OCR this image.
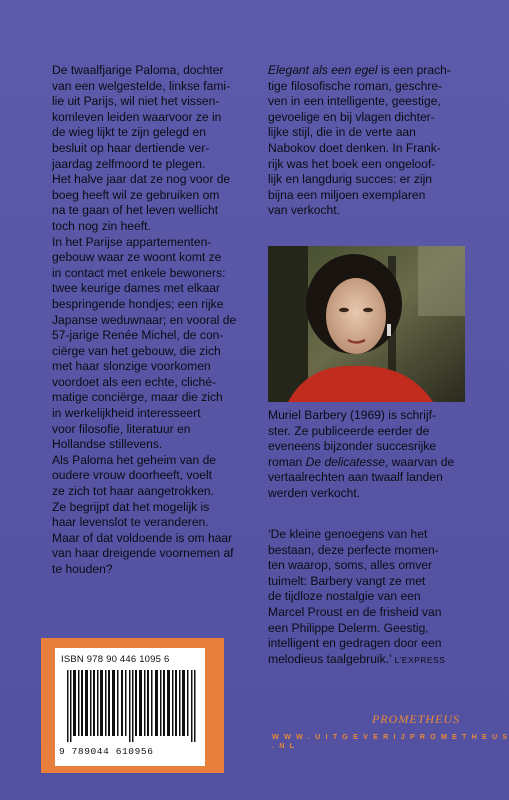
De twaalfjarige Paloma, dochter
van een welgestelde, linkse fami-
lie uit Parijs, wil niet het vissen-
komleven leiden waarvoor ze in
de wieg lijkt te zijn gelegd en
besluit op haar dertiende ver-
jaardag zelfmoord te plegen.

Het halve jaar dat ze nog voor de
boeg heeft wil ze gebruiken om
na te gaan of het leven wellicht
toch nog zin heeft.

In het Parijse appartementen-
gebouw waar ze woont komt ze
in contact met enkele bewoners:
twee keurige dames met elkaar
bespringende hondjes; een rijke
Japanse weduwnaar; en vooral de
57-jarige Renée Michel, de con-
ciërge van het gebouw, die zich
met haar slonzige voorkomen
voordoet als een echte, cliché-
matige conciërge, maar die zich
in werkelijkheid interesseert
voor filosofie, literatuur en
Hollandse stillevens.

Als Paloma het geheim van de
oudere vrouw doorheeft, voelt
ze zich tot haar aangetrokken.

Ze begrijpt dat het mogelijk is
haar levenslot te veranderen.

Maar of dat voldoende is om haar
van haar dreigende voornemen af
te houden?

Elegant als een egel is een prach-
tige filosofische roman, geschre-
ven in een intelligente, geestige,
gevoelige en bij vlagen dichter-
lijke stijl, die in de verte aan
Nabokov doet denken. In Frank-
rijk was het boek een ongeloof-
lijk en langdurig succes: er zijn
bijna een miljoen exemplaren
van verkocht.

Muriel Barbery (1969) is schrijf-
ster. Ze publiceerde eerder de
eveneens bijzonder succesrijke
roman De delicatesse, waarvan de
vertaalrechten aan twaalf landen
werden verkocht.

‘De kleine genoegens van het
bestaan, deze perfecte momen-
ten waarop, soms, alles omver
tuimelt: Barbery vangt ze met
de tijdloze nostalgie van een
Marcel Proust en de frisheid van
een Philippe Delerm. Geestig,
intelligent en gedragen door een
melodieus taalgebruik.’ L’EXPRESS

ISBN 978 90 446 1095 6
9 789044 610956
PROMETHEUS
W W W . U I T G E V E R I J P R O M E T H E U S . N L
